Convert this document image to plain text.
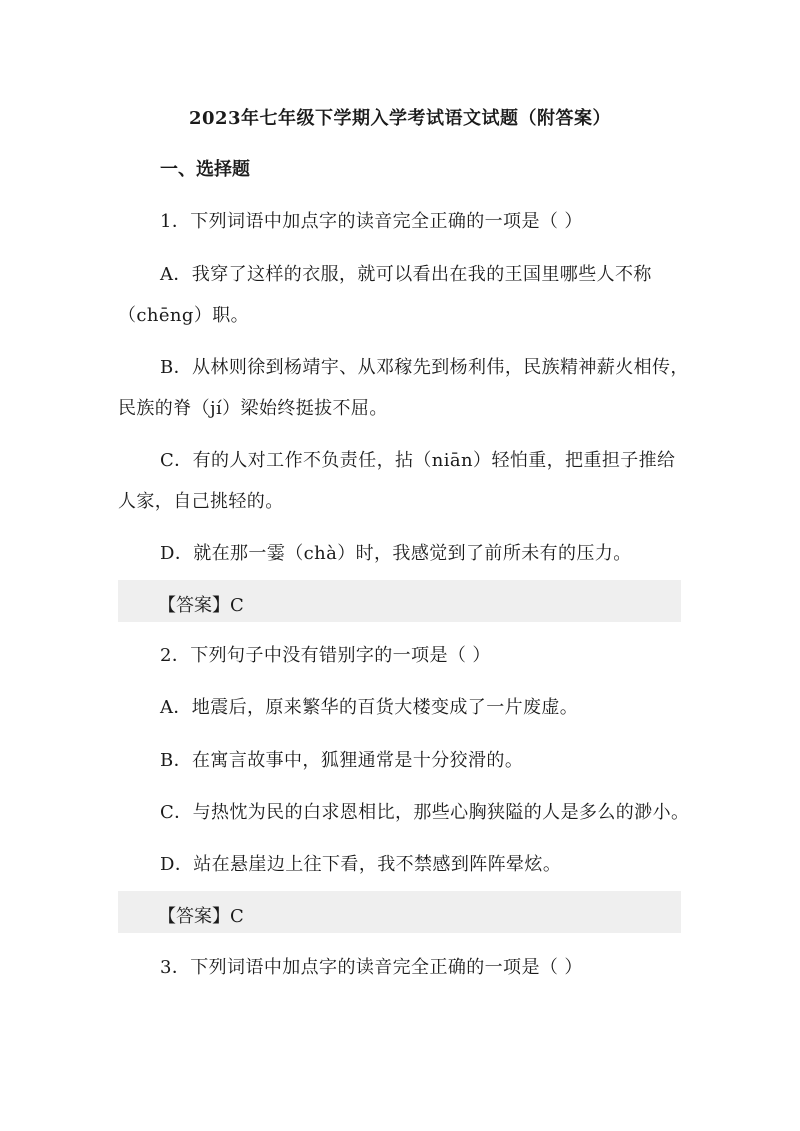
2023年七年级下学期入学考试语文试题（附答案）
一、选择题
1．下列词语中加点字的读音完全正确的一项是（ ）
A．我穿了这样的衣服，就可以看出在我的王国里哪些人不称
（chēng）职。
B．从林则徐到杨靖宇、从邓稼先到杨利伟，民族精神薪火相传，
民族的脊（jí）梁始终挺拔不屈。
C．有的人对工作不负责任，拈（niān）轻怕重，把重担子推给
人家，自己挑轻的。
D．就在那一霎（chà）时，我感觉到了前所未有的压力。
【答案】C
2．下列句子中没有错别字的一项是（ ）
A．地震后，原来繁华的百货大楼变成了一片废虚。
B．在寓言故事中，狐狸通常是十分狡滑的。
C．与热忱为民的白求恩相比，那些心胸狭隘的人是多么的渺小。
D．站在悬崖边上往下看，我不禁感到阵阵晕炫。
【答案】C
3．下列词语中加点字的读音完全正确的一项是（ ）
